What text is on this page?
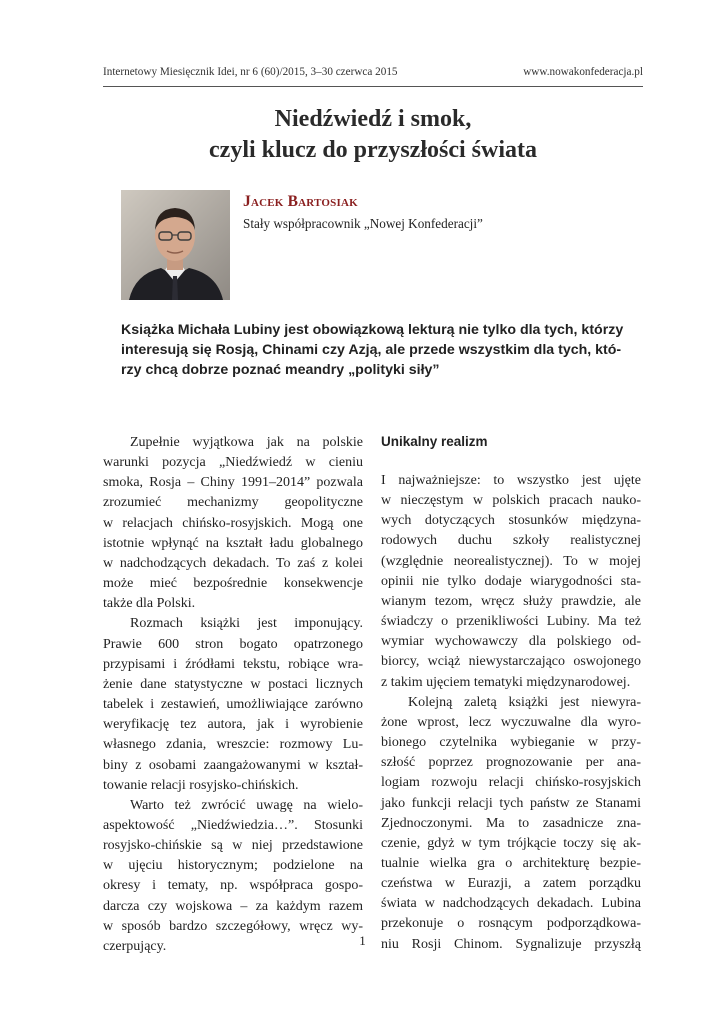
Internetowy Miesięcznik Idei, nr 6 (60)/2015, 3–30 czerwca 2015	www.nowakonfederacja.pl
Niedźwiedź i smok,
czyli klucz do przyszłości świata
Jacek Bartosiak
Stały współpracownik „Nowej Konfederacji”
Książka Michała Lubiny jest obowiązkową lekturą nie tylko dla tych, którzy
interesują się Rosją, Chinami czy Azją, ale przede wszystkim dla tych, któ-
rzy chcą dobrze poznać meandry „polityki siły”
Zupełnie wyjątkowa jak na polskie
warunki pozycja „Niedźwiedź w cieniu
smoka, Rosja – Chiny 1991–2014” pozwala
zrozumieć mechanizmy geopolityczne
w relacjach chińsko-rosyjskich. Mogą one
istotnie wpłynąć na kształt ładu globalnego
w nadchodzących dekadach. To zaś z kolei
może mieć bezpośrednie konsekwencje
także dla Polski.
Rozmach książki jest imponujący.
Prawie 600 stron bogato opatrzonego
przypisami i źródłami tekstu, robiące wra-
żenie dane statystyczne w postaci licznych
tabelek i zestawień, umożliwiające zarówno
weryfikację tez autora, jak i wyrobienie
własnego zdania, wreszcie: rozmowy Lu-
biny z osobami zaangażowanymi w kształ-
towanie relacji rosyjsko-chińskich.
Warto też zwrócić uwagę na wielo-
aspektowość „Niedźwiedzia…”. Stosunki
rosyjsko-chińskie są w niej przedstawione
w ujęciu historycznym; podzielone na
okresy i tematy, np. współpraca gospo-
darcza czy wojskowa – za każdym razem
w sposób bardzo szczegółowy, wręcz wy-
czerpujący.
Unikalny realizm
I najważniejsze: to wszystko jest ujęte
w nieczęstym w polskich pracach nauko-
wych dotyczących stosunków międzyna-
rodowych duchu szkoły realistycznej
(względnie neorealistycznej). To w mojej
opinii nie tylko dodaje wiarygodności sta-
wianym tezom, wręcz służy prawdzie, ale
świadczy o przenikliwości Lubiny. Ma też
wymiar wychowawczy dla polskiego od-
biorcy, wciąż niewystarczająco oswojonego
z takim ujęciem tematyki międzynarodowej.
Kolejną zaletą książki jest niewyra-
żone wprost, lecz wyczuwalne dla wyro-
bionego czytelnika wybieganie w przy-
szłość poprzez prognozowanie per ana-
logiam rozwoju relacji chińsko-rosyjskich
jako funkcji relacji tych państw ze Stanami
Zjednoczonymi. Ma to zasadnicze zna-
czenie, gdyż w tym trójkącie toczy się ak-
tualnie wielka gra o architekturę bezpie-
czeństwa w Eurazji, a zatem porządku
świata w nadchodzących dekadach. Lubina
przekonuje o rosnącym podporządkowa-
niu Rosji Chinom. Sygnalizuje przyszłą
1
